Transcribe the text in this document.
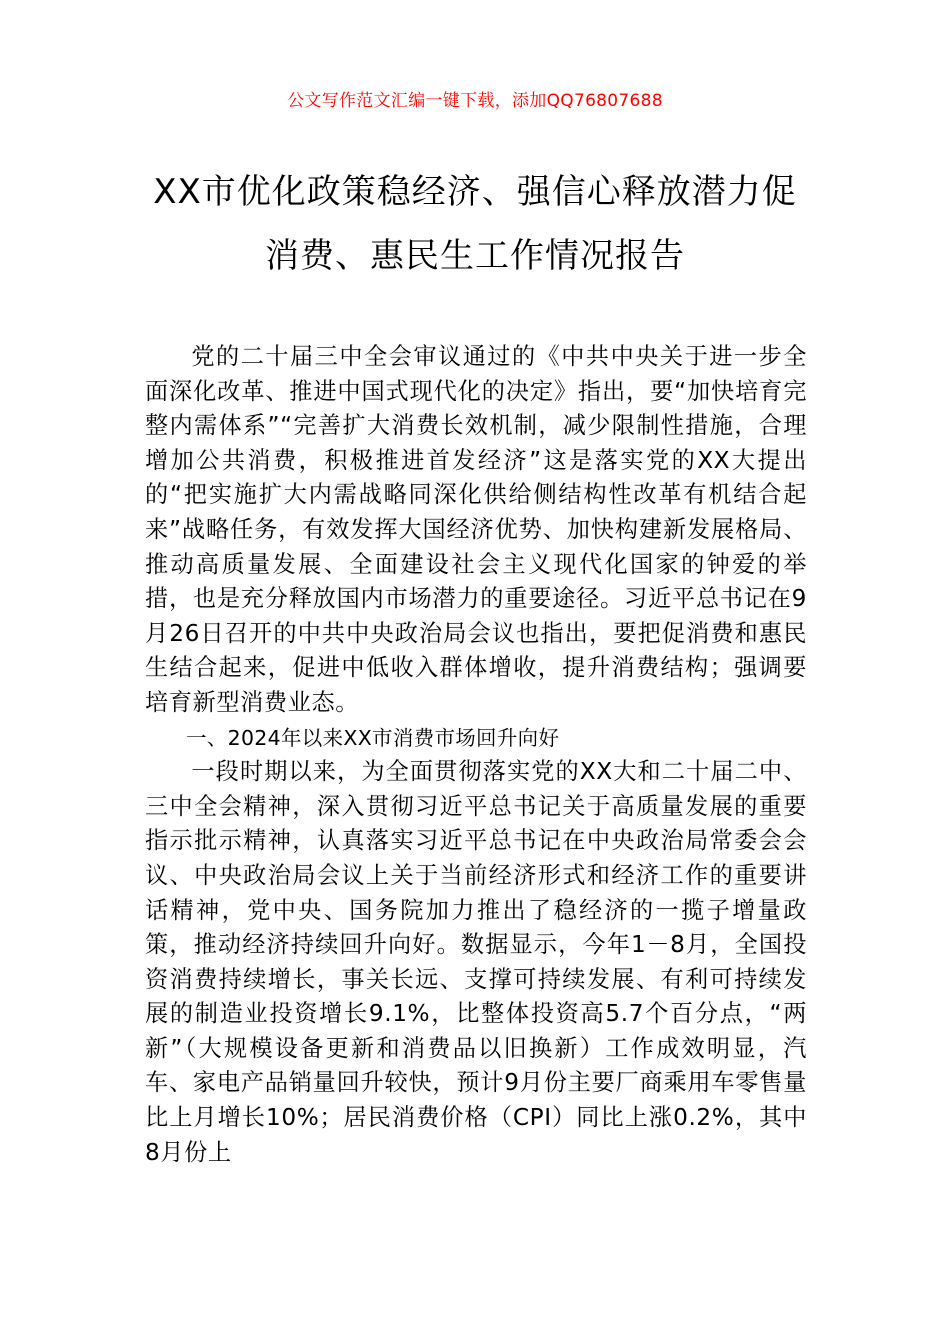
公文写作范文汇编一键下载，添加QQ76807688
XX市优化政策稳经济、强信心释放潜力促
消费、惠民生工作情况报告

党的二十届三中全会审议通过的《中共中央关于进一步全面深化改革、推进中国式现代化的决定》指出，要“加快培育完整内需体系”“完善扩大消费长效机制，减少限制性措施，合理增加公共消费，积极推进首发经济”这是落实党的XX大提出的“把实施扩大内需战略同深化供给侧结构性改革有机结合起来”战略任务，有效发挥大国经济优势、加快构建新发展格局、推动高质量发展、全面建设社会主义现代化国家的钟爱的举措，也是充分释放国内市场潜力的重要途径。习近平总书记在9月26日召开的中共中央政治局会议也指出，要把促消费和惠民生结合起来，促进中低收入群体增收，提升消费结构；强调要培育新型消费业态。

一、2024年以来XX市消费市场回升向好

一段时期以来，为全面贯彻落实党的XX大和二十届二中、三中全会精神，深入贯彻习近平总书记关于高质量发展的重要指示批示精神，认真落实习近平总书记在中央政治局常委会会议、中央政治局会议上关于当前经济形式和经济工作的重要讲话精神，党中央、国务院加力推出了稳经济的一揽子增量政策，推动经济持续回升向好。数据显示，今年1－8月，全国投资消费持续增长，事关长远、支撑可持续发展、有利可持续发展的制造业投资增长9.1%，比整体投资高5.7个百分点，“两新”（大规模设备更新和消费品以旧换新）工作成效明显，汽车、家电产品销量回升较快，预计9月份主要厂商乘用车零售量比上月增长10%；居民消费价格（CPI）同比上涨0.2%，其中8月份上
